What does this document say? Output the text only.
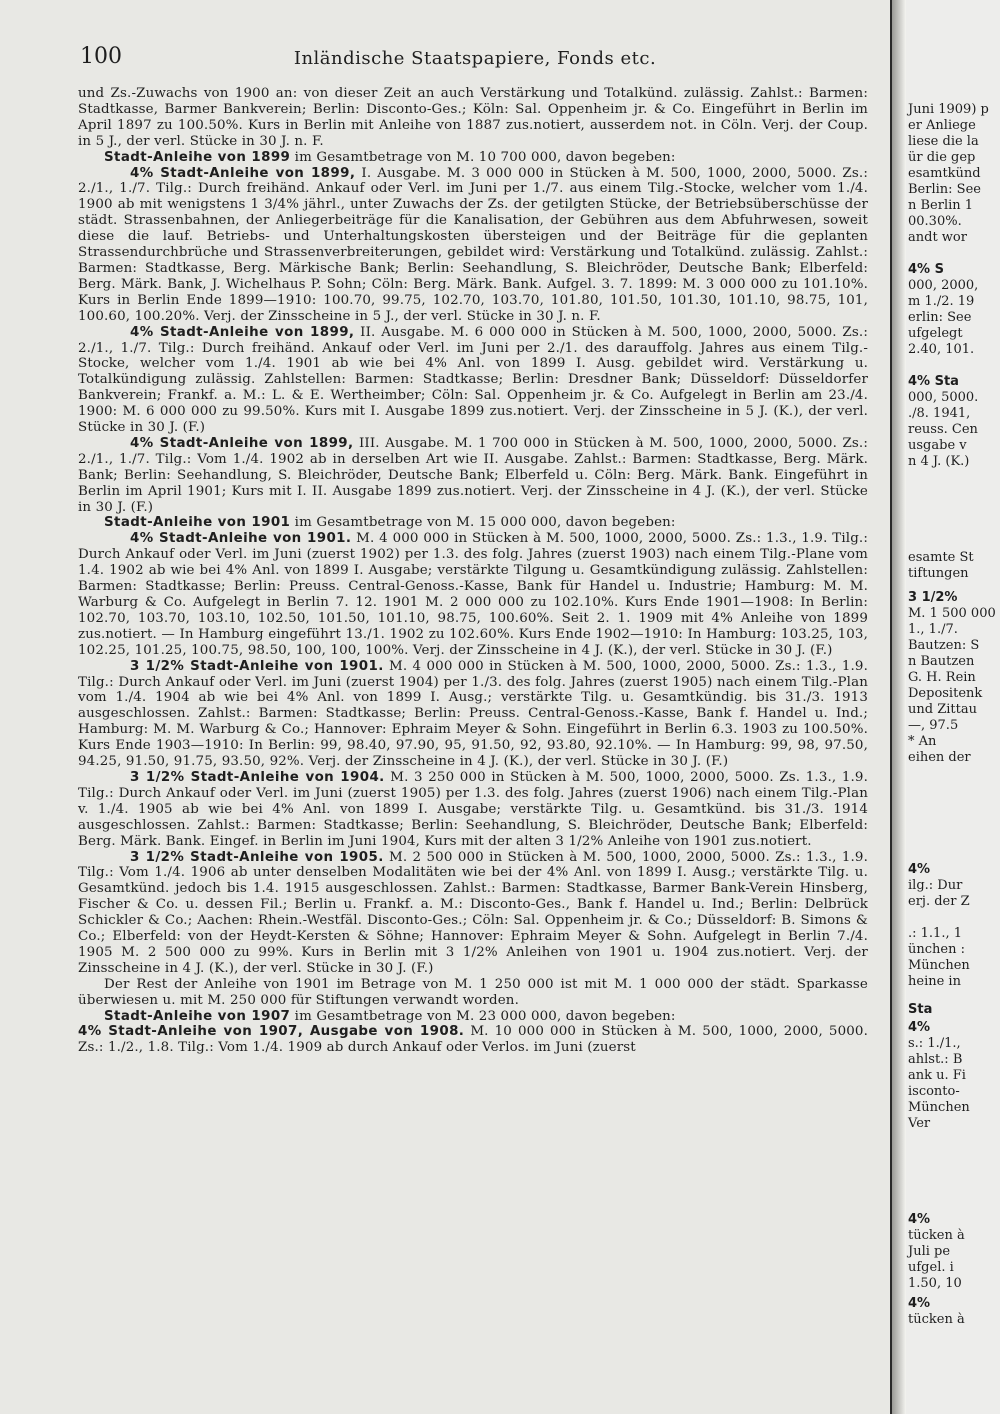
100	Inländische Staatspapiere, Fonds etc.

und Zs.-Zuwachs von 1900 an: von dieser Zeit an auch Verstärkung und Totalkünd. zulässig. Zahlst.: Barmen: Stadtkasse, Barmer Bankverein; Berlin: Disconto-Ges.; Köln: Sal. Oppenheim jr. & Co. Eingeführt in Berlin im April 1897 zu 100.50%. Kurs in Berlin mit Anleihe von 1887 zus.notiert, ausserdem not. in Cöln. Verj. der Coup. in 5 J., der verl. Stücke in 30 J. n. F.

Stadt-Anleihe von 1899 im Gesamtbetrage von M. 10 700 000, davon begeben:

4% Stadt-Anleihe von 1899, I. Ausgabe. M. 3 000 000 in Stücken à M. 500, 1000, 2000, 5000. Zs.: 2./1., 1./7. Tilg.: Durch freihänd. Ankauf oder Verl. im Juni per 1./7. aus einem Tilg.-Stocke, welcher vom 1./4. 1900 ab mit wenigstens 1 3/4% jährl., unter Zuwachs der Zs. der getilgten Stücke, der Betriebsüberschüsse der städt. Strassenbahnen, der Anliegerbeiträge für die Kanalisation, der Gebühren aus dem Abfuhrwesen, soweit diese die lauf. Betriebs- und Unterhaltungskosten übersteigen und der Beiträge für die geplanten Strassendurchbrüche und Strassenverbreiterungen, gebildet wird: Verstärkung und Totalkünd. zulässig. Zahlst.: Barmen: Stadtkasse, Berg. Märkische Bank; Berlin: Seehandlung, S. Bleichröder, Deutsche Bank; Elberfeld: Berg. Märk. Bank, J. Wichelhaus P. Sohn; Cöln: Berg. Märk. Bank. Aufgel. 3. 7. 1899: M. 3 000 000 zu 101.10%. Kurs in Berlin Ende 1899—1910: 100.70, 99.75, 102.70, 103.70, 101.80, 101.50, 101.30, 101.10, 98.75, 101, 100.60, 100.20%. Verj. der Zinsscheine in 5 J., der verl. Stücke in 30 J. n. F.

4% Stadt-Anleihe von 1899, II. Ausgabe. M. 6 000 000 in Stücken à M. 500, 1000, 2000, 5000. Zs.: 2./1., 1./7. Tilg.: Durch freihänd. Ankauf oder Verl. im Juni per 2./1. des darauffolg. Jahres aus einem Tilg.-Stocke, welcher vom 1./4. 1901 ab wie bei 4% Anl. von 1899 I. Ausg. gebildet wird. Verstärkung u. Totalkündigung zulässig. Zahlstellen: Barmen: Stadtkasse; Berlin: Dresdner Bank; Düsseldorf: Düsseldorfer Bankverein; Frankf. a. M.: L. & E. Wertheimber; Cöln: Sal. Oppenheim jr. & Co. Aufgelegt in Berlin am 23./4. 1900: M. 6 000 000 zu 99.50%. Kurs mit I. Ausgabe 1899 zus.notiert. Verj. der Zinsscheine in 5 J. (K.), der verl. Stücke in 30 J. (F.)

4% Stadt-Anleihe von 1899, III. Ausgabe. M. 1 700 000 in Stücken à M. 500, 1000, 2000, 5000. Zs.: 2./1., 1./7. Tilg.: Vom 1./4. 1902 ab in derselben Art wie II. Ausgabe. Zahlst.: Barmen: Stadtkasse, Berg. Märk. Bank; Berlin: Seehandlung, S. Bleichröder, Deutsche Bank; Elberfeld u. Cöln: Berg. Märk. Bank. Eingeführt in Berlin im April 1901; Kurs mit I. II. Ausgabe 1899 zus.notiert. Verj. der Zinsscheine in 4 J. (K.), der verl. Stücke in 30 J. (F.)

Stadt-Anleihe von 1901 im Gesamtbetrage von M. 15 000 000, davon begeben:

4% Stadt-Anleihe von 1901. M. 4 000 000 in Stücken à M. 500, 1000, 2000, 5000. Zs.: 1.3., 1.9. Tilg.: Durch Ankauf oder Verl. im Juni (zuerst 1902) per 1.3. des folg. Jahres (zuerst 1903) nach einem Tilg.-Plane vom 1.4. 1902 ab wie bei 4% Anl. von 1899 I. Ausgabe; verstärkte Tilgung u. Gesamtkündigung zulässig. Zahlstellen: Barmen: Stadtkasse; Berlin: Preuss. Central-Genoss.-Kasse, Bank für Handel u. Industrie; Hamburg: M. M. Warburg & Co. Aufgelegt in Berlin 7. 12. 1901 M. 2 000 000 zu 102.10%. Kurs Ende 1901—1908: In Berlin: 102.70, 103.70, 103.10, 102.50, 101.50, 101.10, 98.75, 100.60%. Seit 2. 1. 1909 mit 4% Anleihe von 1899 zus.notiert. — In Hamburg eingeführt 13./1. 1902 zu 102.60%. Kurs Ende 1902—1910: In Hamburg: 103.25, 103, 102.25, 101.25, 100.75, 98.50, 100, 100, 100%. Verj. der Zinsscheine in 4 J. (K.), der verl. Stücke in 30 J. (F.)

3 1/2% Stadt-Anleihe von 1901. M. 4 000 000 in Stücken à M. 500, 1000, 2000, 5000. Zs.: 1.3., 1.9. Tilg.: Durch Ankauf oder Verl. im Juni (zuerst 1904) per 1./3. des folg. Jahres (zuerst 1905) nach einem Tilg.-Plan vom 1./4. 1904 ab wie bei 4% Anl. von 1899 I. Ausg.; verstärkte Tilg. u. Gesamtkündig. bis 31./3. 1913 ausgeschlossen. Zahlst.: Barmen: Stadtkasse; Berlin: Preuss. Central-Genoss.-Kasse, Bank f. Handel u. Ind.; Hamburg: M. M. Warburg & Co.; Hannover: Ephraim Meyer & Sohn. Eingeführt in Berlin 6.3. 1903 zu 100.50%. Kurs Ende 1903—1910: In Berlin: 99, 98.40, 97.90, 95, 91.50, 92, 93.80, 92.10%. — In Hamburg: 99, 98, 97.50, 94.25, 91.50, 91.75, 93.50, 92%. Verj. der Zinsscheine in 4 J. (K.), der verl. Stücke in 30 J. (F.)

3 1/2% Stadt-Anleihe von 1904. M. 3 250 000 in Stücken à M. 500, 1000, 2000, 5000. Zs. 1.3., 1.9. Tilg.: Durch Ankauf oder Verl. im Juni (zuerst 1905) per 1.3. des folg. Jahres (zuerst 1906) nach einem Tilg.-Plan v. 1./4. 1905 ab wie bei 4% Anl. von 1899 I. Ausgabe; verstärkte Tilg. u. Gesamtkünd. bis 31./3. 1914 ausgeschlossen. Zahlst.: Barmen: Stadtkasse; Berlin: Seehandlung, S. Bleichröder, Deutsche Bank; Elberfeld: Berg. Märk. Bank. Eingef. in Berlin im Juni 1904, Kurs mit der alten 3 1/2% Anleihe von 1901 zus.notiert.

3 1/2% Stadt-Anleihe von 1905. M. 2 500 000 in Stücken à M. 500, 1000, 2000, 5000. Zs.: 1.3., 1.9. Tilg.: Vom 1./4. 1906 ab unter denselben Modalitäten wie bei der 4% Anl. von 1899 I. Ausg.; verstärkte Tilg. u. Gesamtkünd. jedoch bis 1.4. 1915 ausgeschlossen. Zahlst.: Barmen: Stadtkasse, Barmer Bank-Verein Hinsberg, Fischer & Co. u. dessen Fil.; Berlin u. Frankf. a. M.: Disconto-Ges., Bank f. Handel u. Ind.; Berlin: Delbrück Schickler & Co.; Aachen: Rhein.-Westfäl. Disconto-Ges.; Cöln: Sal. Oppenheim jr. & Co.; Düsseldorf: B. Simons & Co.; Elberfeld: von der Heydt-Kersten & Söhne; Hannover: Ephraim Meyer & Sohn. Aufgelegt in Berlin 7./4. 1905 M. 2 500 000 zu 99%. Kurs in Berlin mit 3 1/2% Anleihen von 1901 u. 1904 zus.notiert. Verj. der Zinsscheine in 4 J. (K.), der verl. Stücke in 30 J. (F.)

Der Rest der Anleihe von 1901 im Betrage von M. 1 250 000 ist mit M. 1 000 000 der städt. Sparkasse überwiesen u. mit M. 250 000 für Stiftungen verwandt worden.

Stadt-Anleihe von 1907 im Gesamtbetrage von M. 23 000 000, davon begeben:

4% Stadt-Anleihe von 1907, Ausgabe von 1908. M. 10 000 000 in Stücken à M. 500, 1000, 2000, 5000. Zs.: 1./2., 1.8. Tilg.: Vom 1./4. 1909 ab durch Ankauf oder Verlos. im Juni (zuerst

Juni 1909) p
er Anliege
liese die la
ür die gep
esamtkünd
Berlin: See
n Berlin 1
00.30%.
andt wor
4% S
000, 2000,
m 1./2. 19
erlin: See
ufgelegt
2.40, 101.
4% Sta
000, 5000.
./8. 1941,
reuss. Cen
usgabe v
n 4 J. (K.)
esamte St
tiftungen
3 1/2%
M. 1 500 000
1., 1./7.
Bautzen: S
n Bautzen
G. H. Rein
Depositenk
und Zittau
—, 97.5
* An
eihen der
4%
ilg.: Dur
erj. der Z
.: 1.1., 1
ünchen :
München
heine in
Sta
4%
s.: 1./1.,
ahlst.: B
ank u. Fi
isconto-
München
Ver
4%
tücken à
Juli pe
ufgel. i
1.50, 10
4%
tücken à
